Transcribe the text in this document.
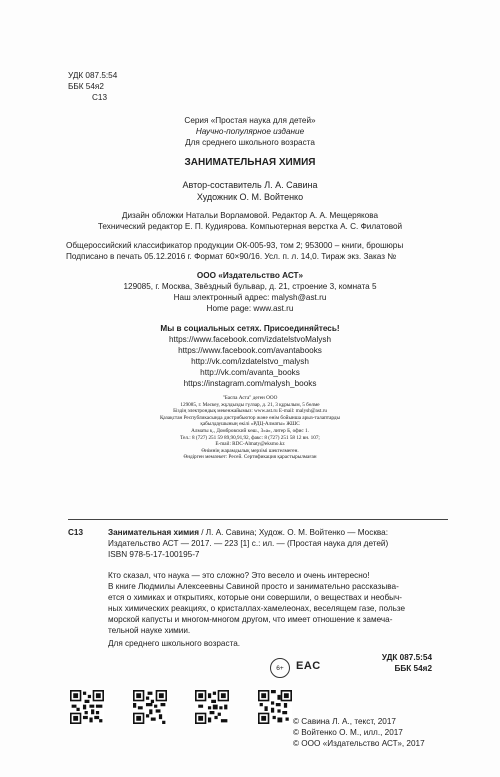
УДК 087.5:54
ББК 54я2
С13
Серия «Простая наука для детей»
Научно-популярное издание
Для среднего школьного возраста
ЗАНИМАТЕЛЬНАЯ ХИМИЯ
Автор-составитель Л. А. Савина
Художник О. М. Войтенко
Дизайн обложки Натальи Ворламовой. Редактор А. А. Мещерякова
Технический редактор Е. П. Кудиярова. Компьютерная верстка А. С. Филатовой
Общероссийский классификатор продукции ОК-005-93, том 2; 953000 – книги, брошюры
Подписано в печать 05.12.2016 г. Формат 60×90/16. Усл. п. л. 14,0. Тираж экз. Заказ №
ООО «Издательство АСТ»
129085, г. Москва, Звёздный бульвар, д. 21, строение 3, комната 5
Наш электронный адрес: malysh@ast.ru
Home page: www.ast.ru
Мы в социальных сетях. Присоединяйтесь!
https://www.facebook.com/izdatelstvoMalysh
https://www.facebook.com/avantabooks
http://vk.com/izdatelstvo_malysh
http://vk.com/avanta_books
https://instagram.com/malysh_books
"Баспа Аста" деген ООО
129085, г. Мәскеу, жұлдызды гүлзар, д. 21, 3 құрылым, 5 бөлме
Біздің электрондық мекенжайымыз: www.ast.ru E-mail: malysh@ast.ru
Қазақстан Республикасында дистрибьютор және өнім бойынша арыз-талаптарды
қабылдаушының өкілі «РДЦ-Алматы» ЖШС
Алматы қ., Домбровский көш., 3«а», литер Б, офис 1.
Тел.: 8 (727) 251 59 89,90,91,92, факс: 8 (727) 251 58 12 вн. 107;
E-mail: RDC-Almaty@eksmo.kz
Өнімнің жарамдылық мерзімі шектелмеген.
Өндірген мемлекет: Ресей. Сертификация қарастырылмаған
С13	Занимательная химия / Л. А. Савина; Худож. О. М. Войтенко — Москва:
Издательство АСТ — 2017. — 223 [1] с.: ил. — (Простая наука для детей)
ISBN 978-5-17-100195-7
Кто сказал, что наука — это сложно? Это весело и очень интересно!
В книге Людмилы Алексеевны Савиной просто и занимательно рассказыва-
ется о химиках и открытиях, которые они совершили, о веществах и необыч-
ных химических реакциях, о кристаллах-хамелеонах, веселящем газе, пользе
морской капусты и многом-многом другом, что имеет отношение к замеча-
тельной науке химии.
Для среднего школьного возраста.
УДК 087.5:54
ББК 54я2
6+	EAC
© Савина Л. А., текст, 2017
© Войтенко О. М., илл., 2017
© ООО «Издательство АСТ», 2017
